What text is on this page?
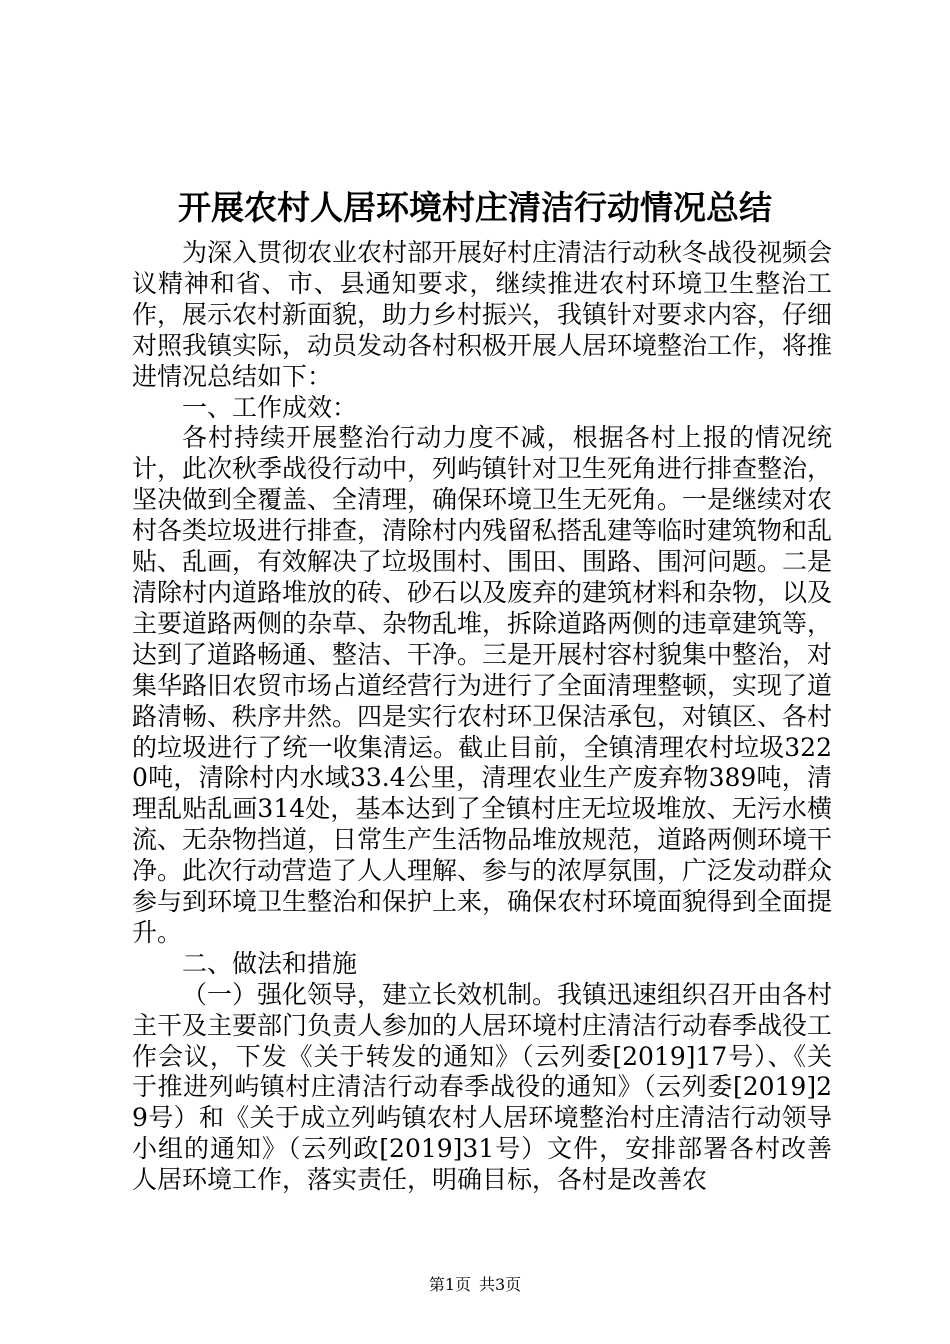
开展农村人居环境村庄清洁行动情况总结

为深入贯彻农业农村部开展好村庄清洁行动秋冬战役视频会议精神和省、市、县通知要求，继续推进农村环境卫生整治工作，展示农村新面貌，助力乡村振兴，我镇针对要求内容，仔细对照我镇实际，动员发动各村积极开展人居环境整治工作，将推进情况总结如下：

一、工作成效：

各村持续开展整治行动力度不减，根据各村上报的情况统计，此次秋季战役行动中，列屿镇针对卫生死角进行排查整治，坚决做到全覆盖、全清理，确保环境卫生无死角。一是继续对农村各类垃圾进行排查，清除村内残留私搭乱建等临时建筑物和乱贴、乱画，有效解决了垃圾围村、围田、围路、围河问题。二是清除村内道路堆放的砖、砂石以及废弃的建筑材料和杂物，以及主要道路两侧的杂草、杂物乱堆，拆除道路两侧的违章建筑等，达到了道路畅通、整洁、干净。三是开展村容村貌集中整治，对集华路旧农贸市场占道经营行为进行了全面清理整顿，实现了道路清畅、秩序井然。四是实行农村环卫保洁承包，对镇区、各村的垃圾进行了统一收集清运。截止目前，全镇清理农村垃圾3220吨，清除村内水域33.4公里，清理农业生产废弃物389吨，清理乱贴乱画314处，基本达到了全镇村庄无垃圾堆放、无污水横流、无杂物挡道，日常生产生活物品堆放规范，道路两侧环境干净。此次行动营造了人人理解、参与的浓厚氛围，广泛发动群众参与到环境卫生整治和保护上来，确保农村环境面貌得到全面提升。

二、做法和措施

（一）强化领导，建立长效机制。我镇迅速组织召开由各村主干及主要部门负责人参加的人居环境村庄清洁行动春季战役工作会议，下发《关于转发的通知》（云列委[2019]17号）、《关于推进列屿镇村庄清洁行动春季战役的通知》（云列委[2019]29号）和《关于成立列屿镇农村人居环境整治村庄清洁行动领导小组的通知》（云列政[2019]31号）文件，安排部署各村改善人居环境工作，落实责任，明确目标，各村是改善农

第1页 共3页
